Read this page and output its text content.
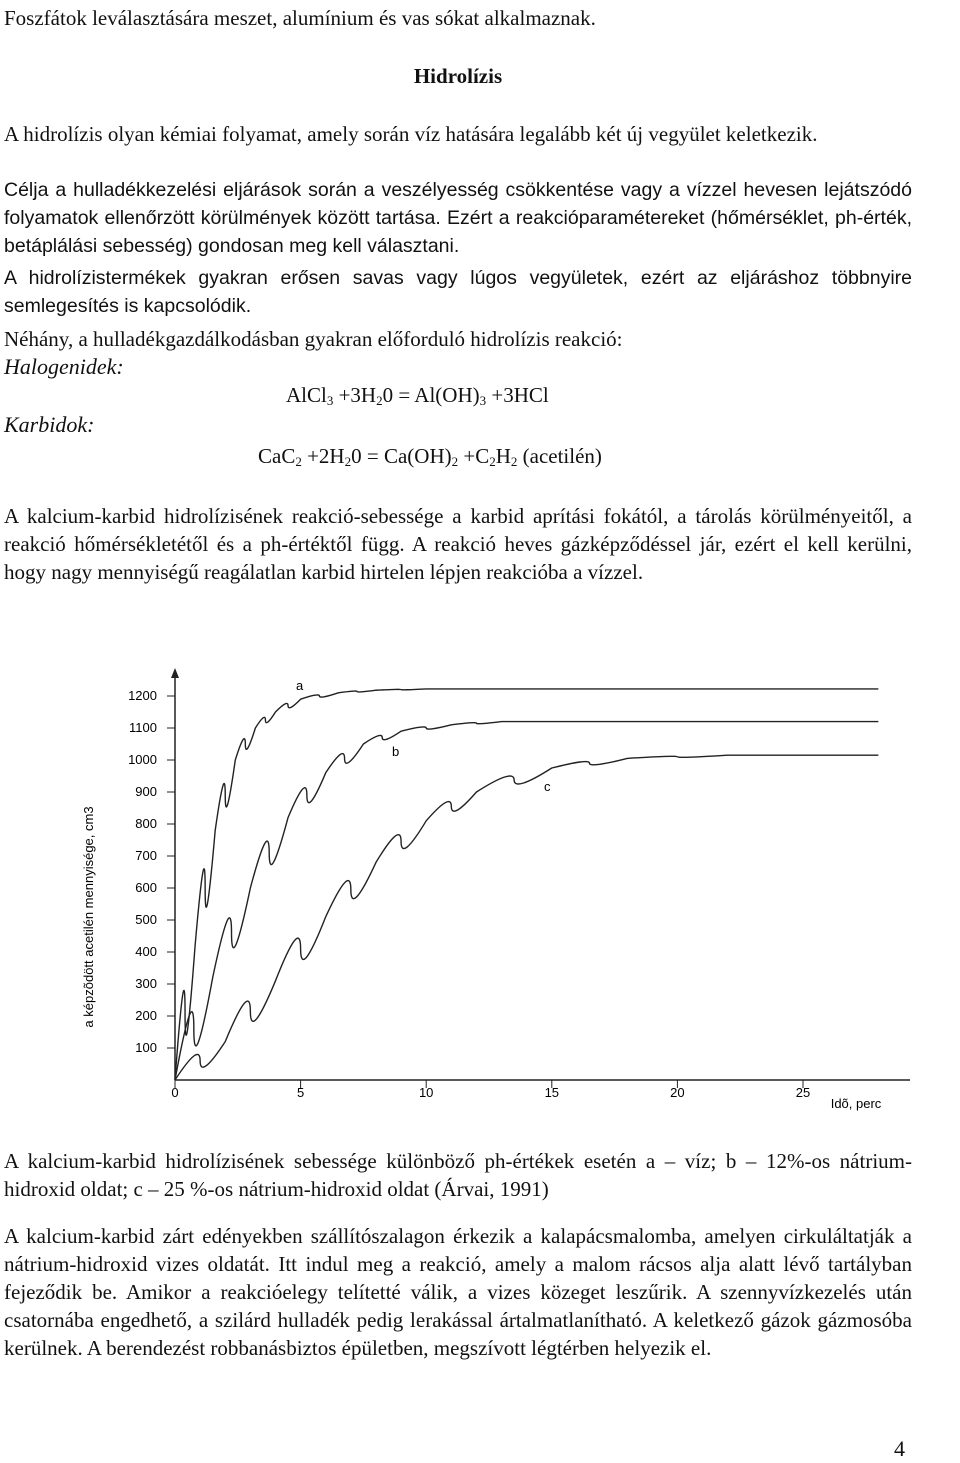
Foszfátok leválasztására meszet, alumínium és vas sókat alkalmaznak.
Hidrolízis
A hidrolízis olyan kémiai folyamat, amely során víz hatására legalább két új vegyület keletkezik.
Célja a hulladékkezelési eljárások során a veszélyesség csökkentése vagy a vízzel hevesen lejátszódó folyamatok ellenőrzött körülmények között tartása. Ezért a reakcióparamétereket (hőmérséklet, ph-érték, betáplálási sebesség) gondosan meg kell választani.
A hidrolízistermékek gyakran erősen savas vagy lúgos vegyületek, ezért az eljáráshoz többnyire semlegesítés is kapcsolódik.
Néhány, a hulladékgazdálkodásban gyakran előforduló hidrolízis reakció:
Halogenidek:
AlCl$_3$ $+3H_20 = Al(OH)_3 +3HCl$
Karbidok:
$CaC_2 +2H_20 = Ca(OH)_2 +C_2H_2$ (acetilén)
A kalcium-karbid hidrolízisének reakció-sebessége a karbid aprítási fokától, a tárolás körülményeitől, a reakció hőmérsékletétől és a ph-értéktől függ. A reakció heves gázképződéssel jár, ezért el kell kerülni, hogy nagy mennyiségű reagálatlan karbid hirtelen lépjen reakcióba a vízzel.
100
200
300
400
500
600
700
800
900
1000
1100
1200
0	5	10	15	20	25
Idõ, perc
a képzõdött acetilén mennyisége, cm3
a
b
c
A kalcium-karbid hidrolízisének sebessége különböző ph-értékek esetén a – víz; b – 12%-os nátrium-hidroxid oldat; c – 25 %-os nátrium-hidroxid oldat (Árvai, 1991)
A kalcium-karbid zárt edényekben szállítószalagon érkezik a kalapácsmalomba, amelyen cirkuláltatják a nátrium-hidroxid vizes oldatát. Itt indul meg a reakció, amely a malom rácsos alja alatt lévő tartályban fejeződik be. Amikor a reakcióelegy telítetté válik, a vizes közeget leszűrik. A szennyvízkezelés után csatornába engedhető, a szilárd hulladék pedig lerakással ártalmatlanítható. A keletkező gázok gázmosóba kerülnek. A berendezést robbanásbiztos épületben, megszívott légtérben helyezik el.
4
